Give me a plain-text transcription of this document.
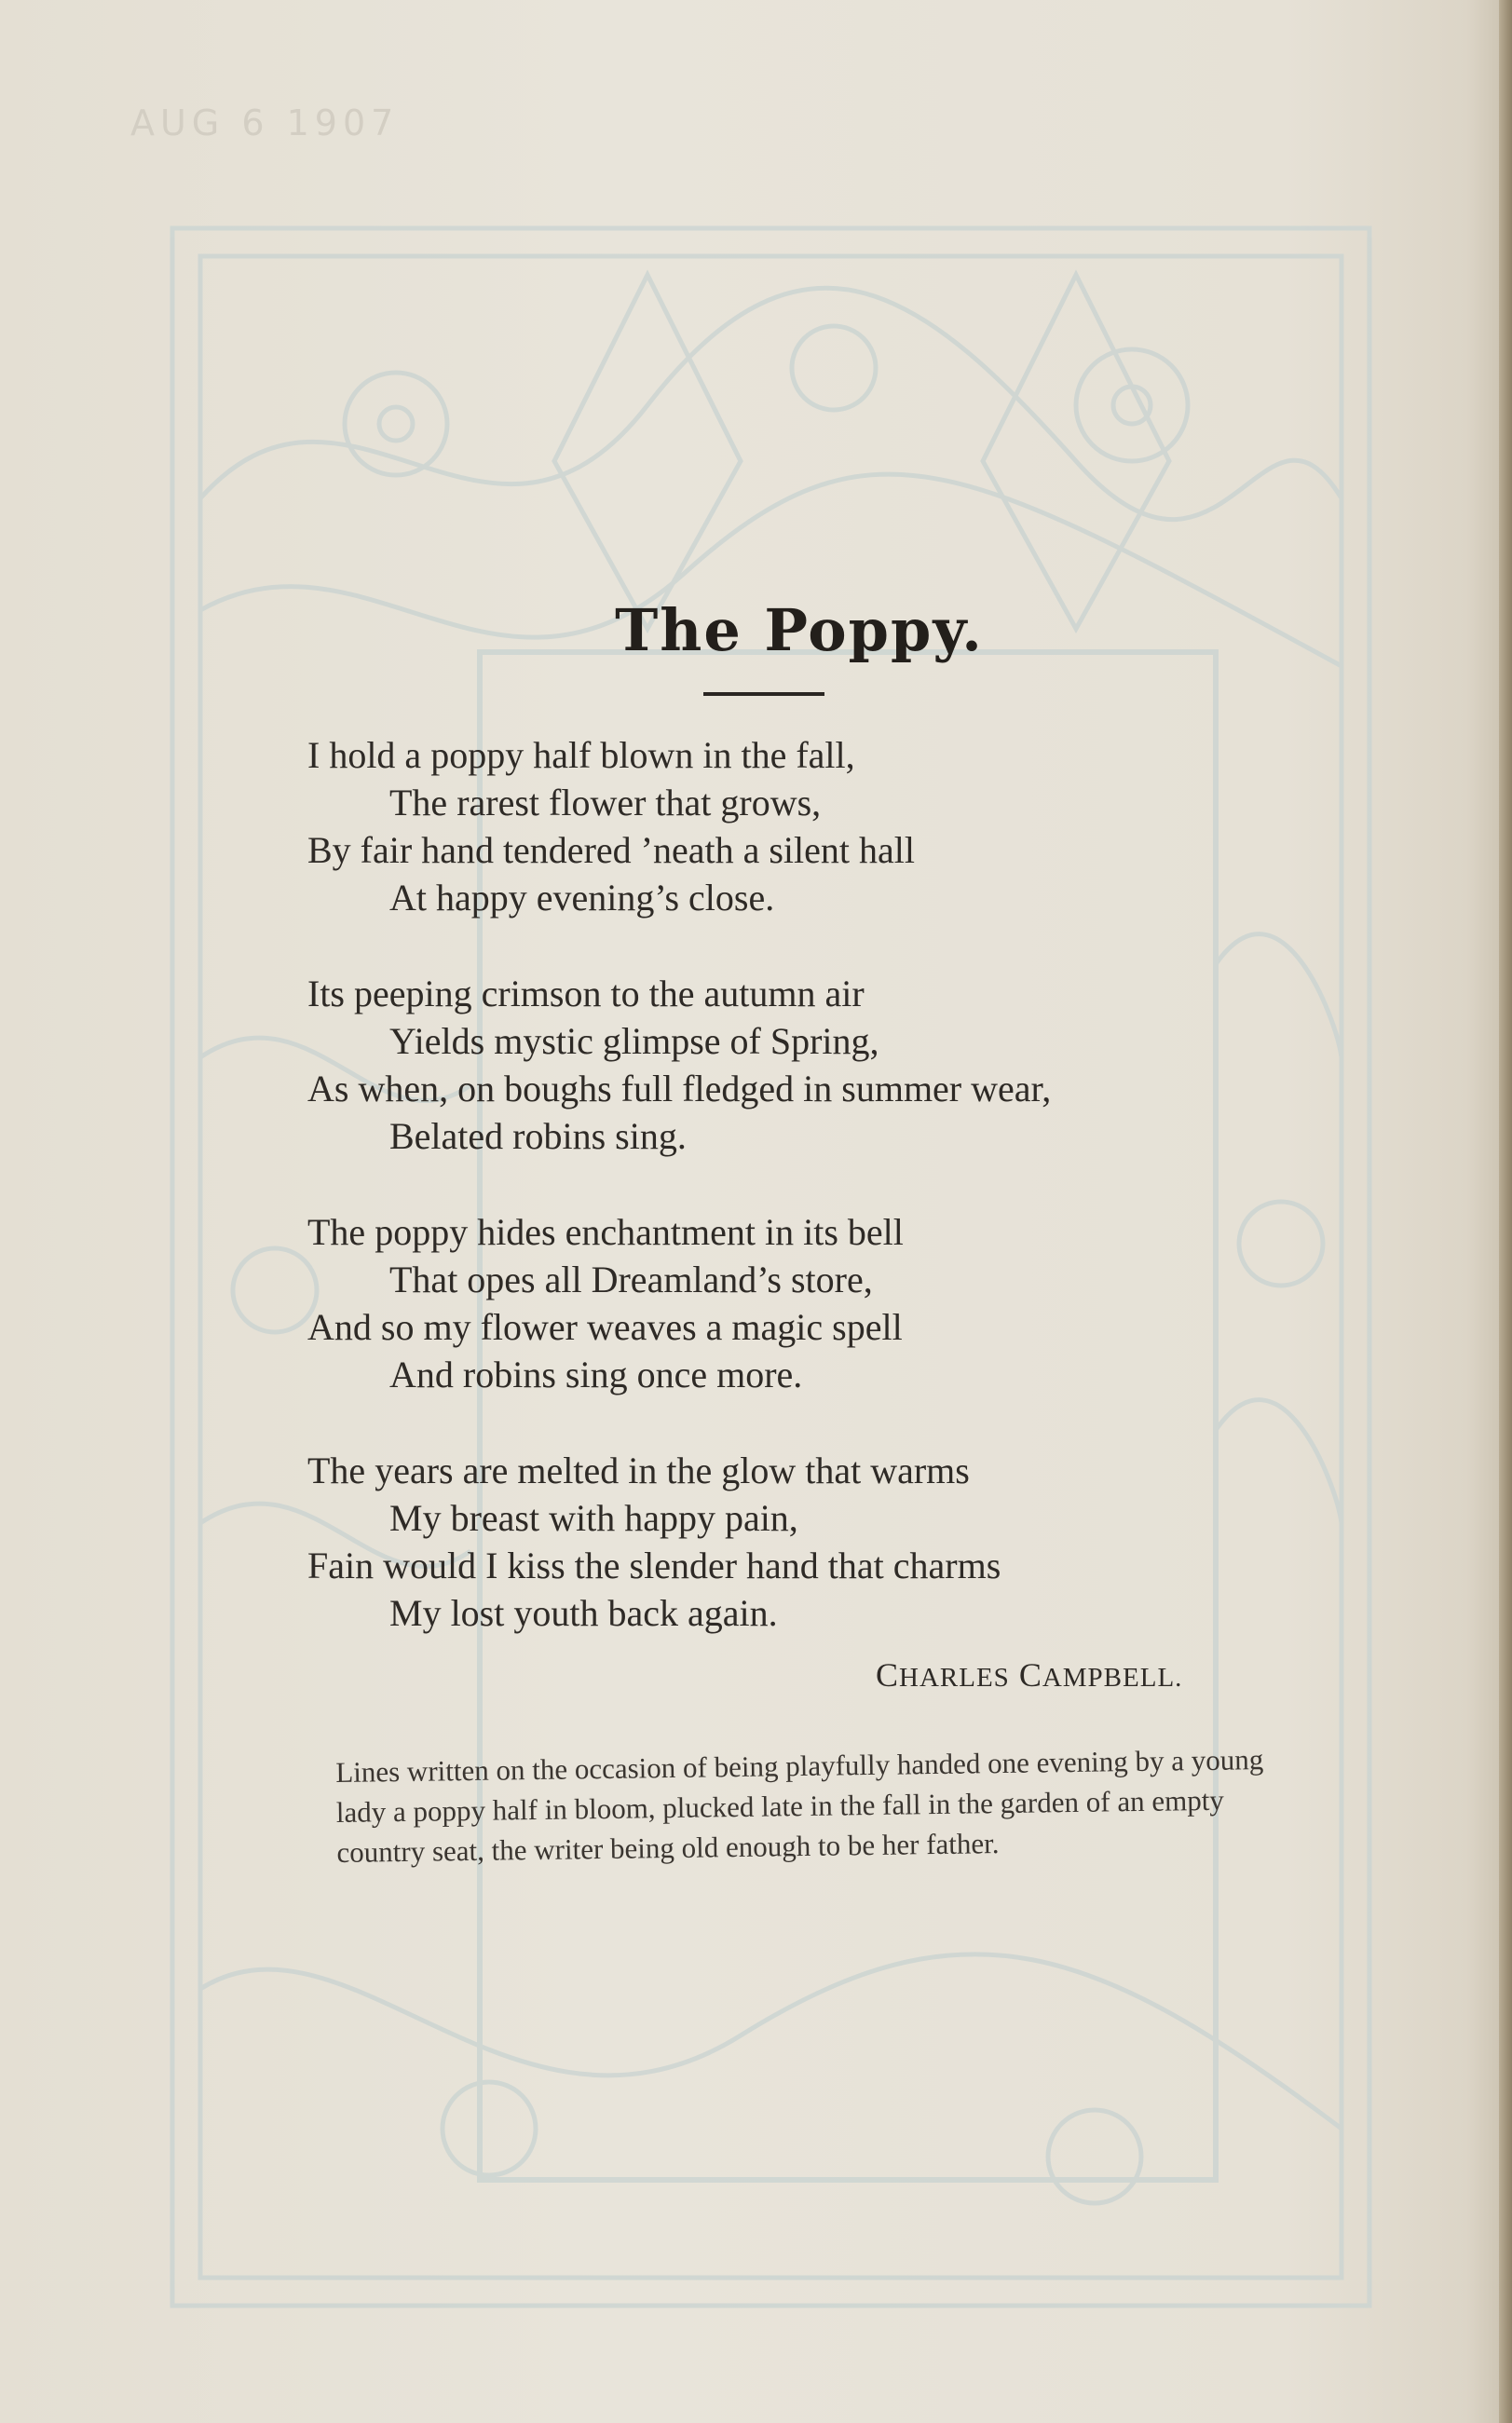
AUG 6 1907
The Poppy.
I hold a poppy half blown in the fall,
The rarest flower that grows,
By fair hand tendered ’neath a silent hall
At happy evening’s close.
Its peeping crimson to the autumn air
Yields mystic glimpse of Spring,
As when, on boughs full fledged in summer wear,
Belated robins sing.
The poppy hides enchantment in its bell
That opes all Dreamland’s store,
And so my flower weaves a magic spell
And robins sing once more.
The years are melted in the glow that warms
My breast with happy pain,
Fain would I kiss the slender hand that charms
My lost youth back again.
CHARLES CAMPBELL.
Lines written on the occasion of being playfully handed one evening by a young lady a poppy half in bloom, plucked late in the fall in the garden of an empty country seat, the writer being old enough to be her father.
